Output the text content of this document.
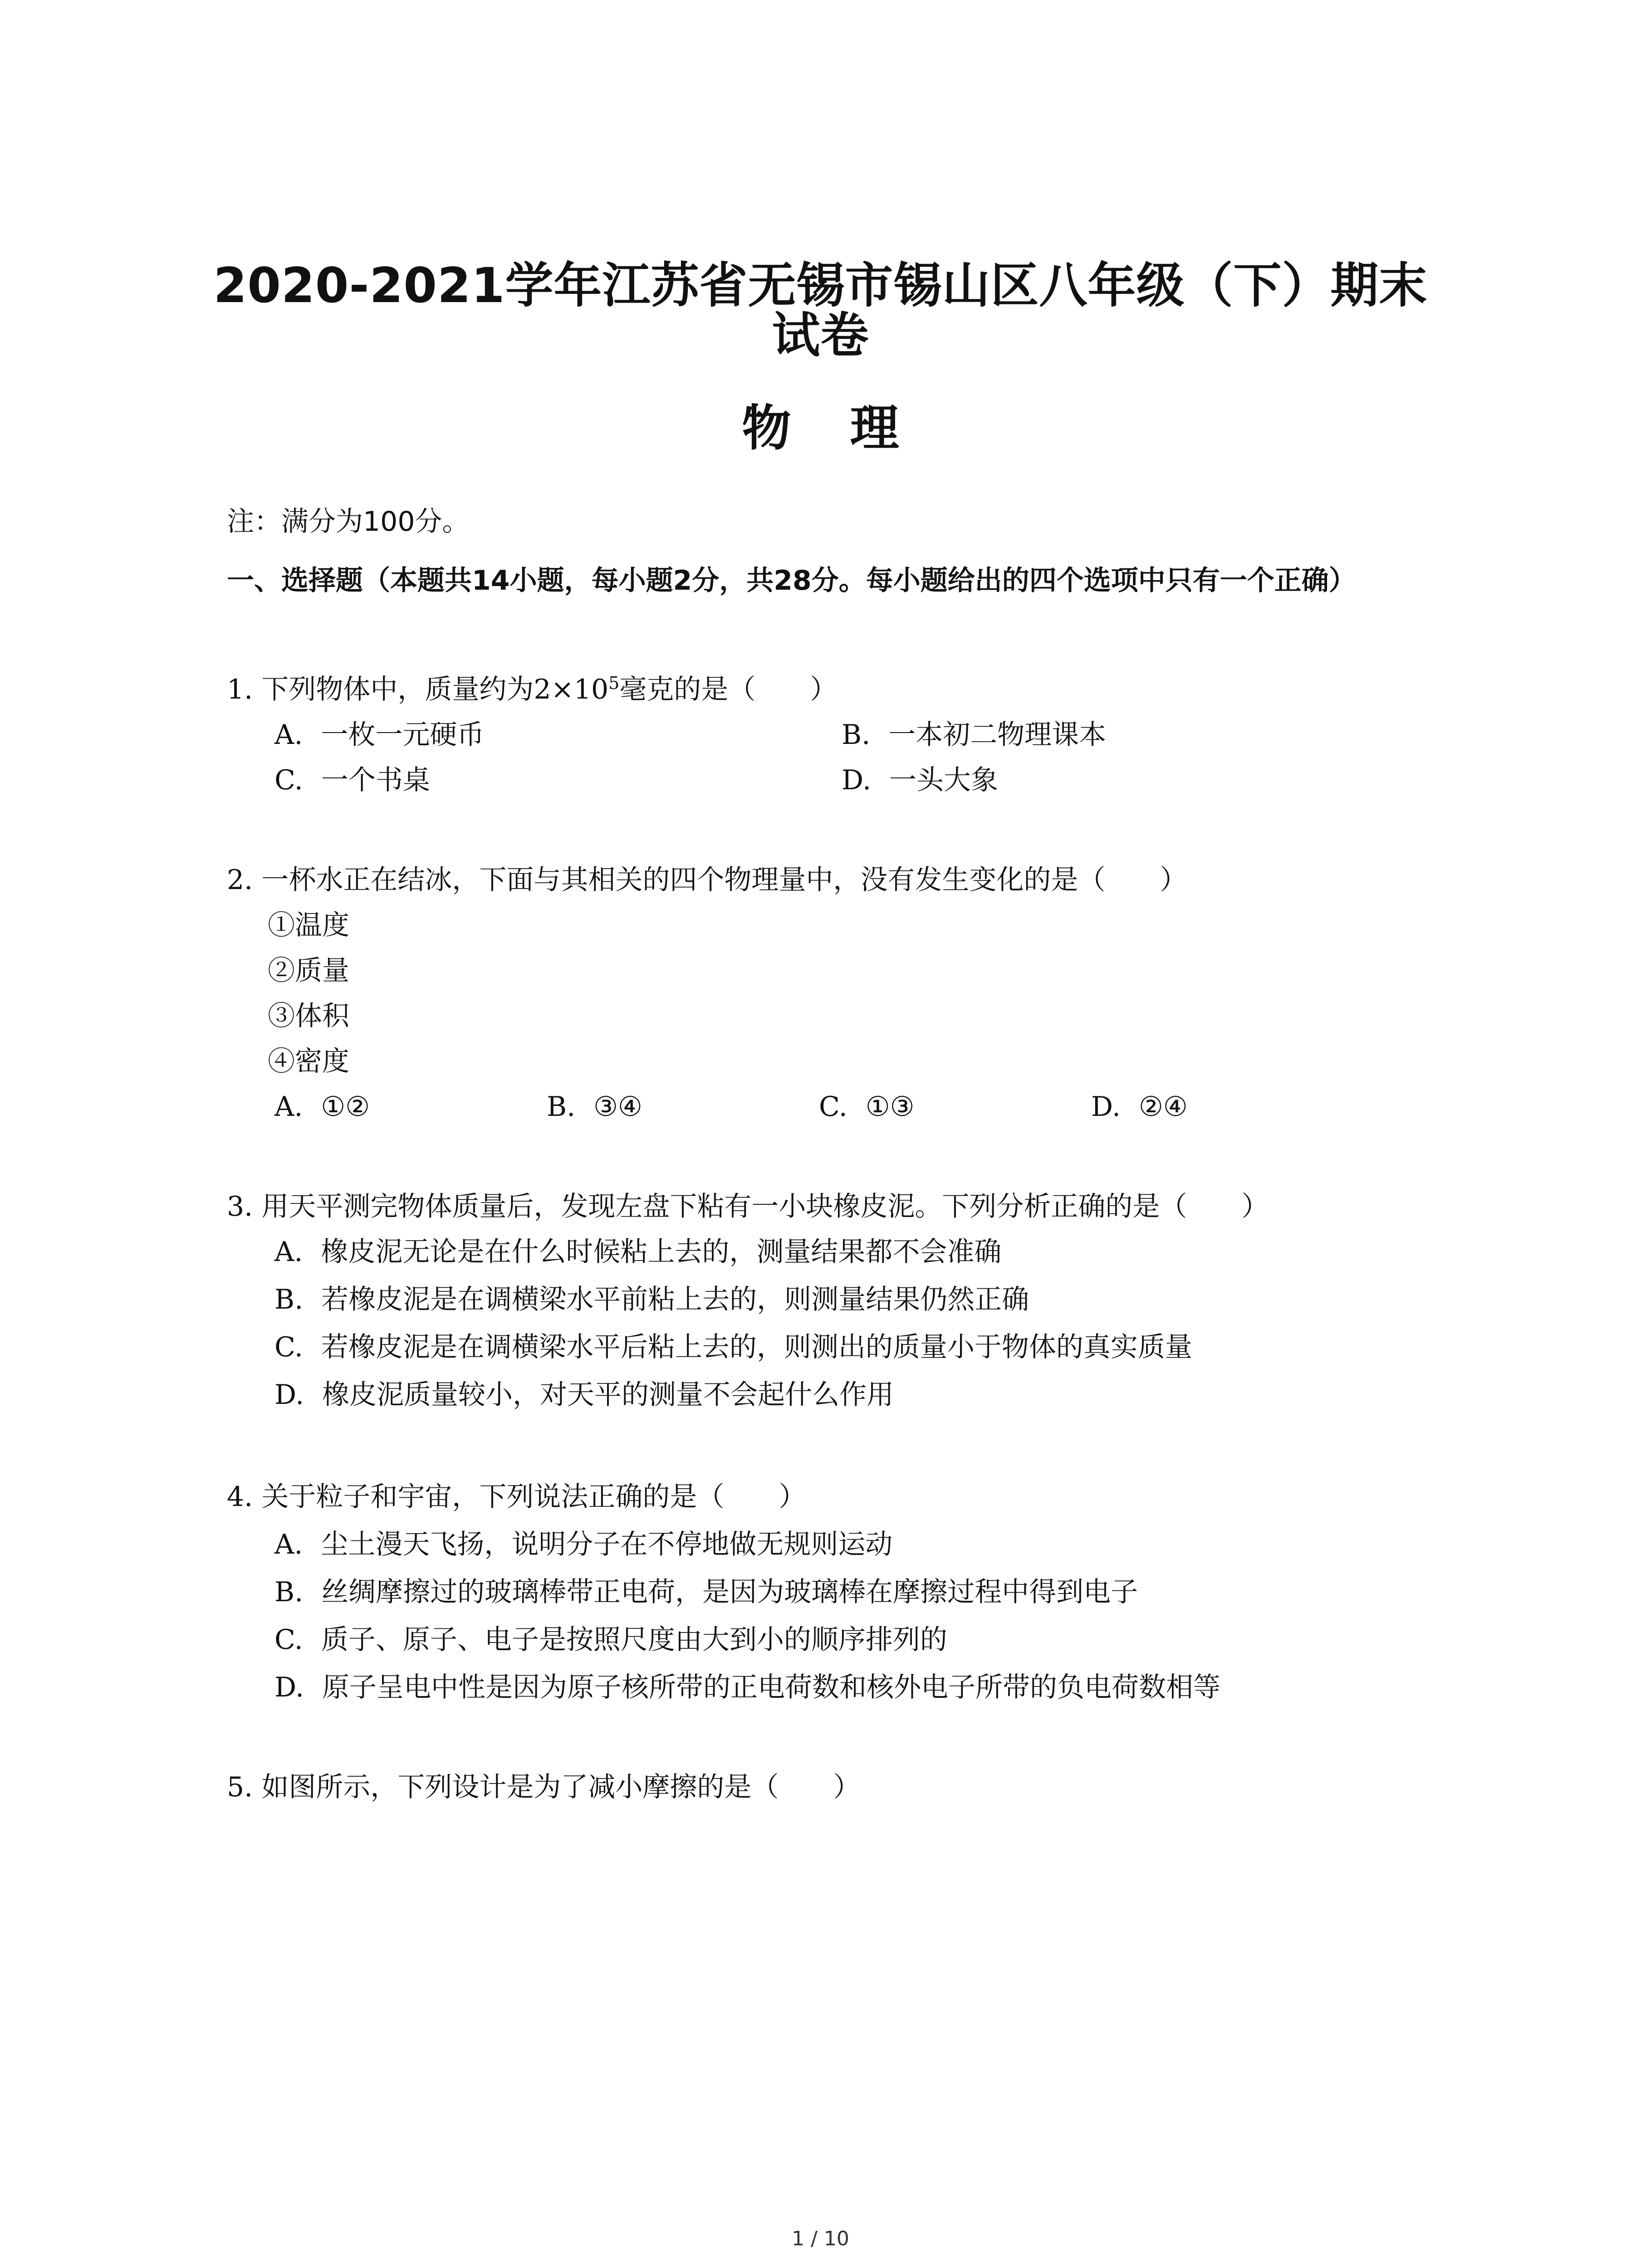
2020-2021学年江苏省无锡市锡山区八年级（下）期末
试卷
物理
注：满分为100分。
一、选择题（本题共14小题，每小题2分，共28分。每小题给出的四个选项中只有一个正确）
1. 下列物体中，质量约为$2\times 10^5$毫克的是（　　）
A. 一枚一元硬币	B. 一本初二物理课本
C. 一个书桌	D. 一头大象
2. 一杯水正在结冰，下面与其相关的四个物理量中，没有发生变化的是（　　）
①温度
②质量
③体积
④密度
A. ①②	B. ③④	C. ①③	D. ②④
3. 用天平测完物体质量后，发现左盘下粘有一小块橡皮泥。下列分析正确的是（　　）
A. 橡皮泥无论是在什么时候粘上去的，测量结果都不会准确
B. 若橡皮泥是在调横梁水平前粘上去的，则测量结果仍然正确
C. 若橡皮泥是在调横梁水平后粘上去的，则测出的质量小于物体的真实质量
D. 橡皮泥质量较小，对天平的测量不会起什么作用
4. 关于粒子和宇宙，下列说法正确的是（　　）
A. 尘土漫天飞扬，说明分子在不停地做无规则运动
B. 丝绸摩擦过的玻璃棒带正电荷，是因为玻璃棒在摩擦过程中得到电子
C. 质子、原子、电子是按照尺度由大到小的顺序排列的
D. 原子呈电中性是因为原子核所带的正电荷数和核外电子所带的负电荷数相等
5. 如图所示，下列设计是为了减小摩擦的是（　　）
1 / 10
